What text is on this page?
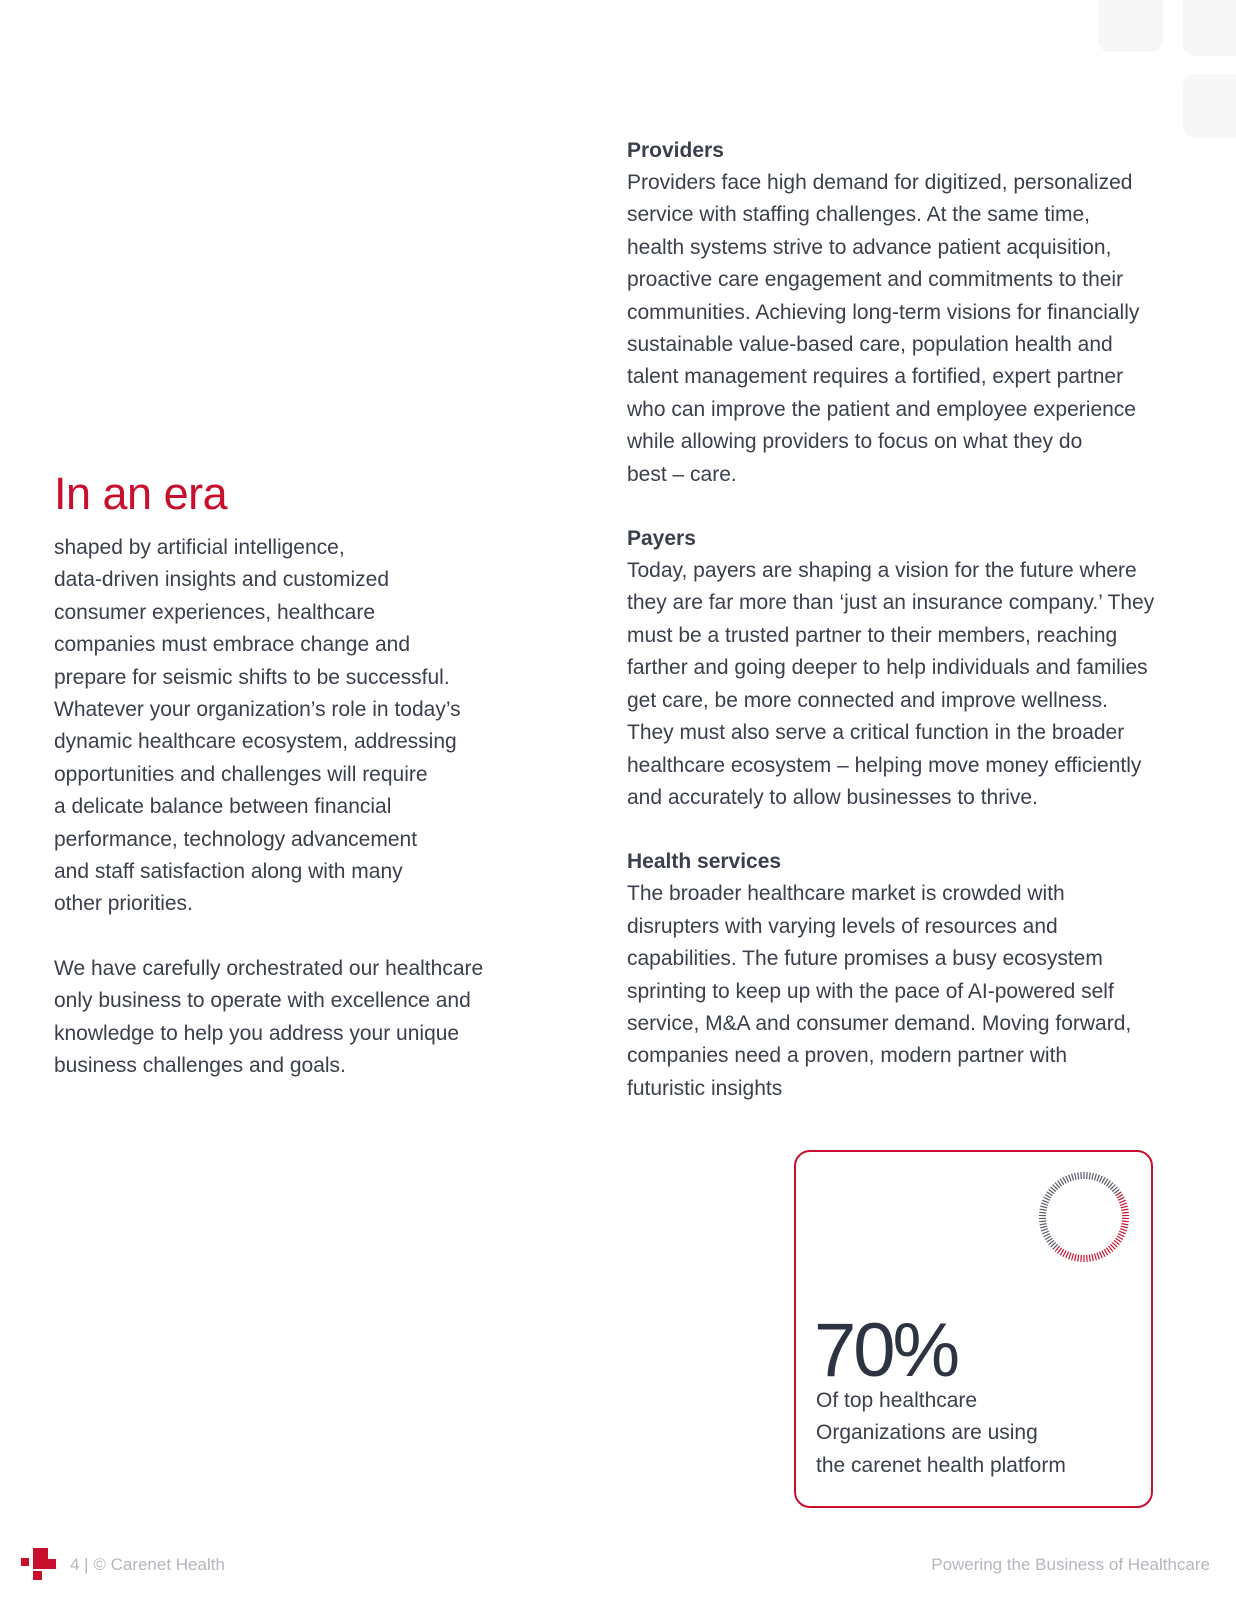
In an era

shaped by artificial intelligence,
data-driven insights and customized
consumer experiences, healthcare
companies must embrace change and
prepare for seismic shifts to be successful.
Whatever your organization’s role in today’s
dynamic healthcare ecosystem, addressing
opportunities and challenges will require
a delicate balance between financial
performance, technology advancement
and staff satisfaction along with many
other priorities.

We have carefully orchestrated our healthcare
only business to operate with excellence and
knowledge to help you address your unique
business challenges and goals.

Providers

Providers face high demand for digitized, personalized
service with staffing challenges. At the same time,
health systems strive to advance patient acquisition,
proactive care engagement and commitments to their
communities. Achieving long-term visions for financially
sustainable value-based care, population health and
talent management requires a fortified, expert partner
who can improve the patient and employee experience
while allowing providers to focus on what they do
best – care.

Payers

Today, payers are shaping a vision for the future where
they are far more than ‘just an insurance company.’ They
must be a trusted partner to their members, reaching
farther and going deeper to help individuals and families
get care, be more connected and improve wellness.
They must also serve a critical function in the broader
healthcare ecosystem – helping move money efficiently
and accurately to allow businesses to thrive.

Health services

The broader healthcare market is crowded with
disrupters with varying levels of resources and
capabilities. The future promises a busy ecosystem
sprinting to keep up with the pace of AI-powered self
service, M&A and consumer demand. Moving forward,
companies need a proven, modern partner with
futuristic insights

70%
Of top healthcare
Organizations are using
the carenet health platform
4 | © Carenet Health	Powering the Business of Healthcare
